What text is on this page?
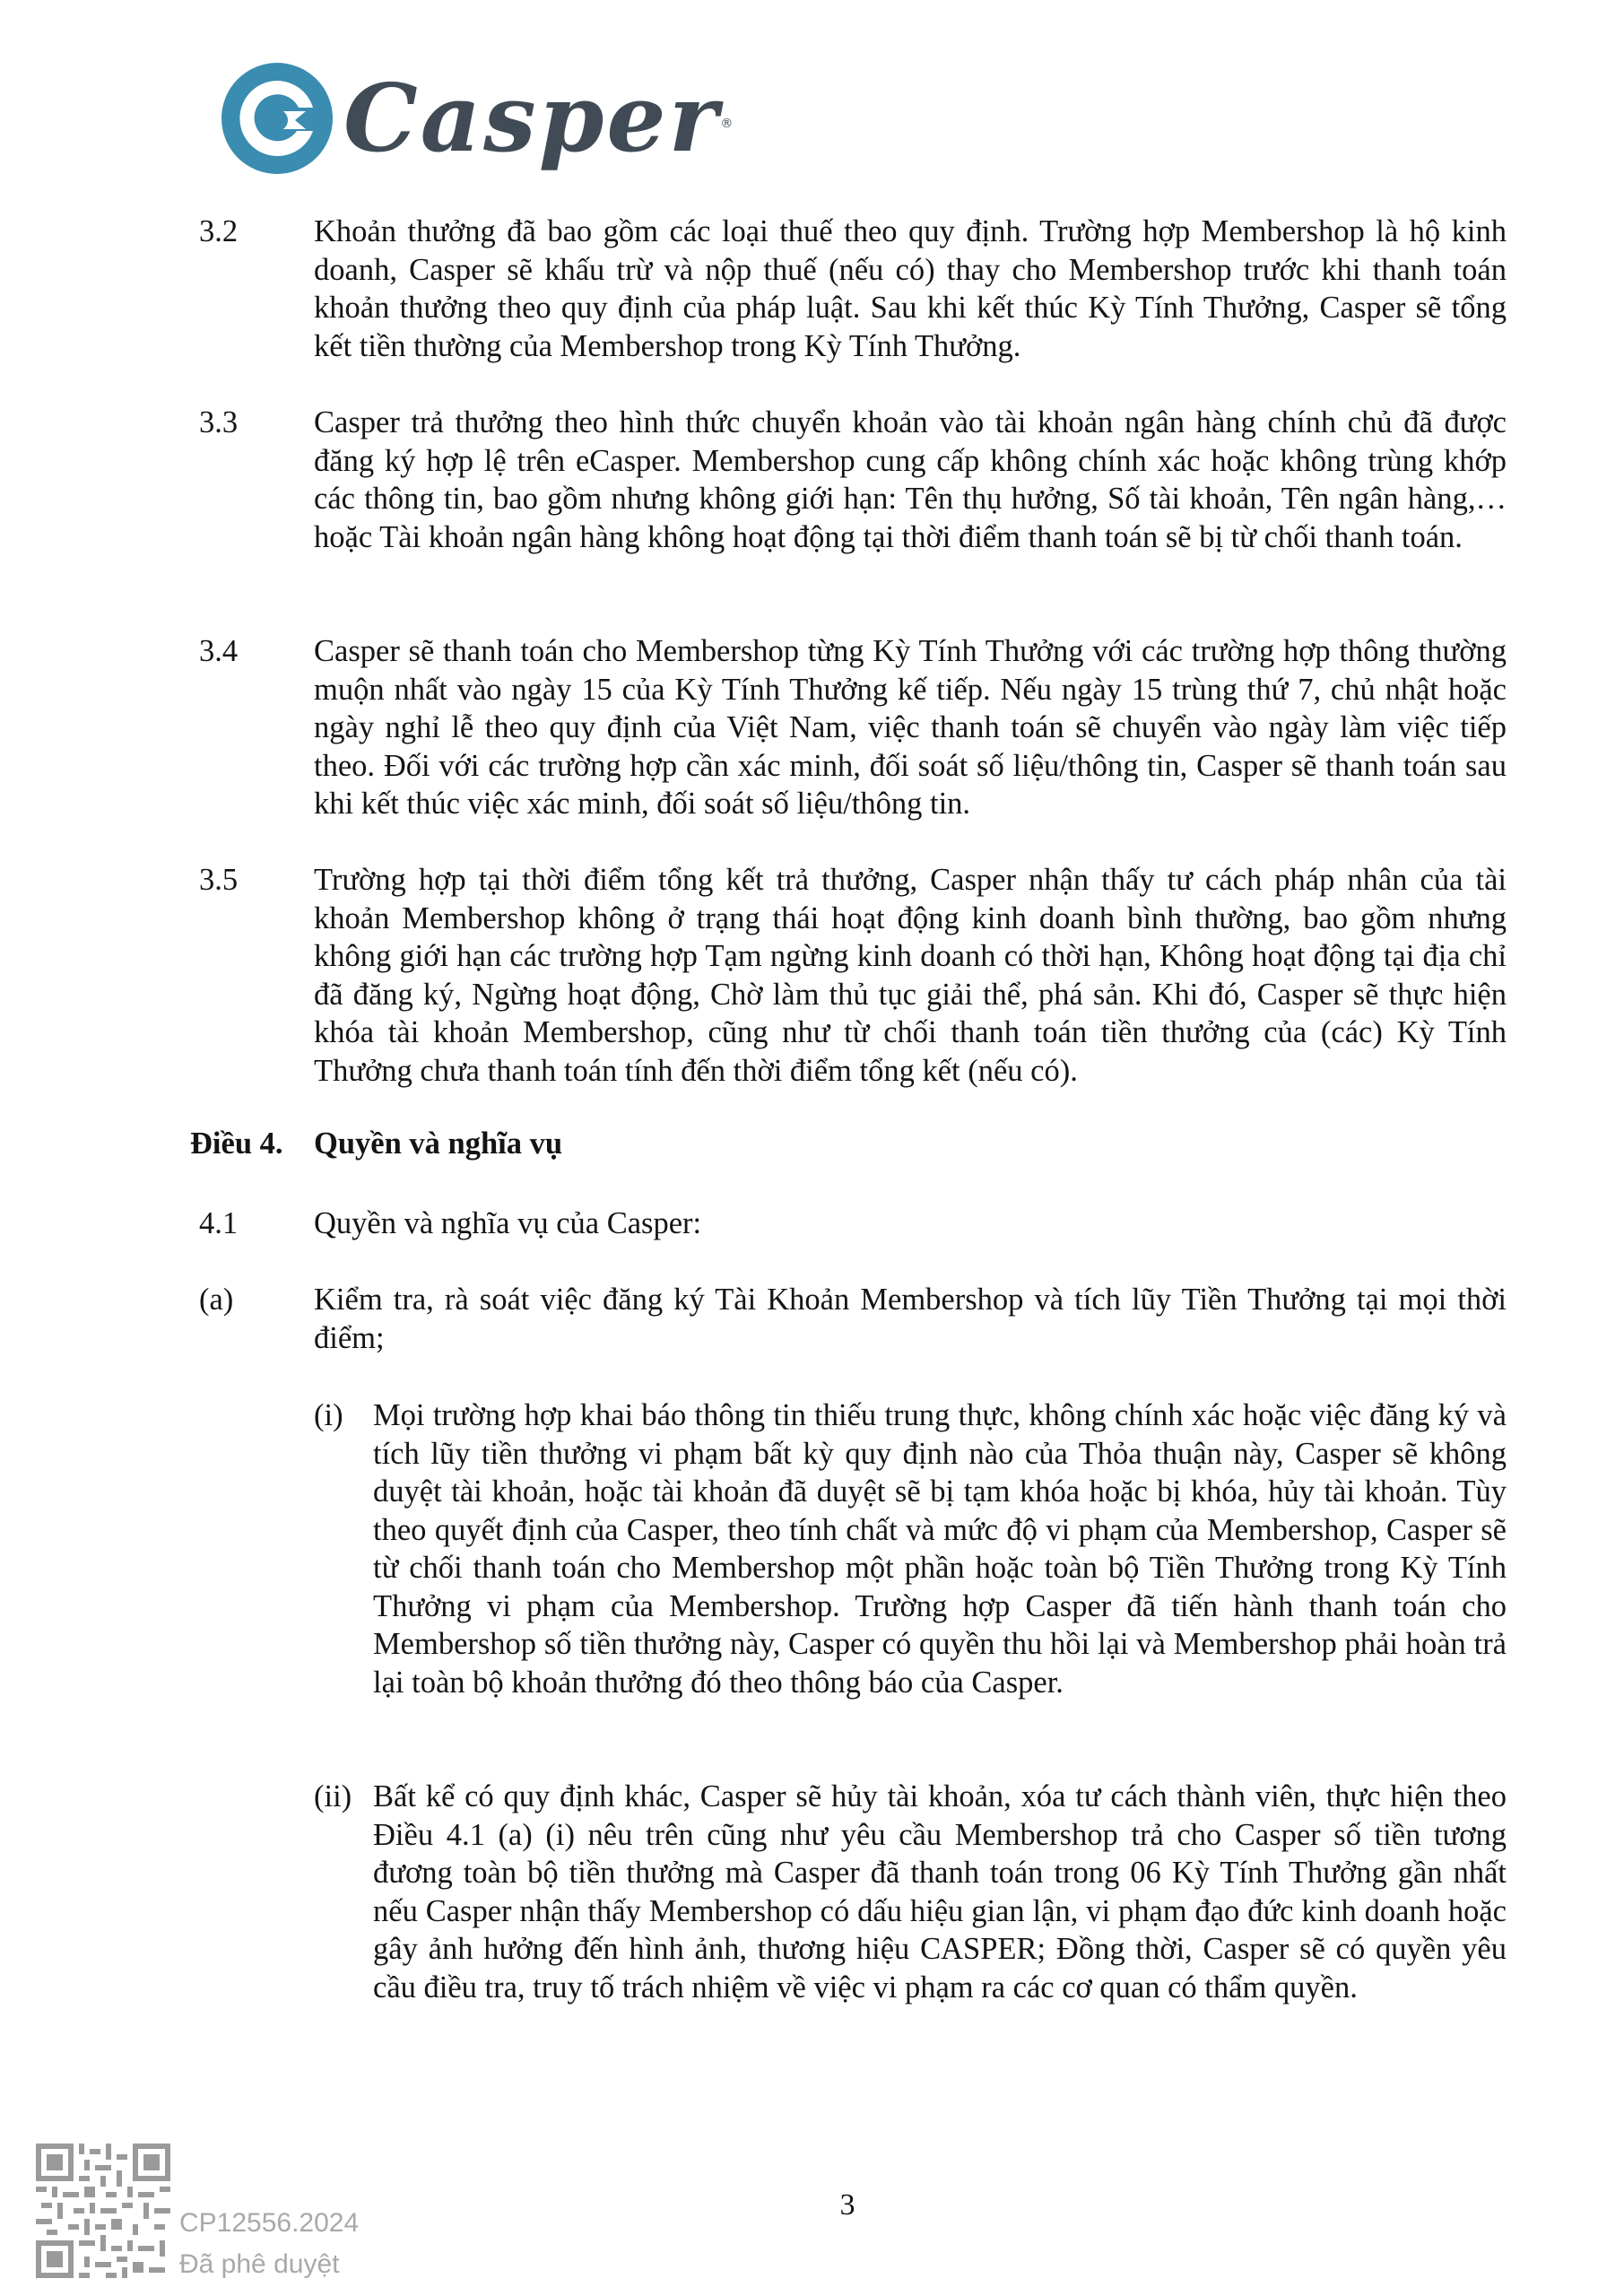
Casper ®
3.2 Khoản thưởng đã bao gồm các loại thuế theo quy định. Trường hợp Membershop là hộ kinh doanh, Casper sẽ khấu trừ và nộp thuế (nếu có) thay cho Membershop trước khi thanh toán khoản thưởng theo quy định của pháp luật. Sau khi kết thúc Kỳ Tính Thưởng, Casper sẽ tổng kết tiền thường của Membershop trong Kỳ Tính Thưởng.
3.3 Casper trả thưởng theo hình thức chuyển khoản vào tài khoản ngân hàng chính chủ đã được đăng ký hợp lệ trên eCasper. Membershop cung cấp không chính xác hoặc không trùng khớp các thông tin, bao gồm nhưng không giới hạn: Tên thụ hưởng, Số tài khoản, Tên ngân hàng,… hoặc Tài khoản ngân hàng không hoạt động tại thời điểm thanh toán sẽ bị từ chối thanh toán.
3.4 Casper sẽ thanh toán cho Membershop từng Kỳ Tính Thưởng với các trường hợp thông thường muộn nhất vào ngày 15 của Kỳ Tính Thưởng kế tiếp. Nếu ngày 15 trùng thứ 7, chủ nhật hoặc ngày nghỉ lễ theo quy định của Việt Nam, việc thanh toán sẽ chuyển vào ngày làm việc tiếp theo. Đối với các trường hợp cần xác minh, đối soát số liệu/thông tin, Casper sẽ thanh toán sau khi kết thúc việc xác minh, đối soát số liệu/thông tin.
3.5 Trường hợp tại thời điểm tổng kết trả thưởng, Casper nhận thấy tư cách pháp nhân của tài khoản Membershop không ở trạng thái hoạt động kinh doanh bình thường, bao gồm nhưng không giới hạn các trường hợp Tạm ngừng kinh doanh có thời hạn, Không hoạt động tại địa chỉ đã đăng ký, Ngừng hoạt động, Chờ làm thủ tục giải thể, phá sản. Khi đó, Casper sẽ thực hiện khóa tài khoản Membershop, cũng như từ chối thanh toán tiền thưởng của (các) Kỳ Tính Thưởng chưa thanh toán tính đến thời điểm tổng kết (nếu có).
Điều 4. Quyền và nghĩa vụ
4.1 Quyền và nghĩa vụ của Casper:
(a)	Kiểm tra, rà soát việc đăng ký Tài Khoản Membershop và tích lũy Tiền Thưởng tại mọi thời điểm;
(i) Mọi trường hợp khai báo thông tin thiếu trung thực, không chính xác hoặc việc đăng ký và tích lũy tiền thưởng vi phạm bất kỳ quy định nào của Thỏa thuận này, Casper sẽ không duyệt tài khoản, hoặc tài khoản đã duyệt sẽ bị tạm khóa hoặc bị khóa, hủy tài khoản. Tùy theo quyết định của Casper, theo tính chất và mức độ vi phạm của Membershop, Casper sẽ từ chối thanh toán cho Membershop một phần hoặc toàn bộ Tiền Thưởng trong Kỳ Tính Thưởng vi phạm của Membershop. Trường hợp Casper đã tiến hành thanh toán cho Membershop số tiền thưởng này, Casper có quyền thu hồi lại và Membershop phải hoàn trả lại toàn bộ khoản thưởng đó theo thông báo của Casper.
(ii) Bất kể có quy định khác, Casper sẽ hủy tài khoản, xóa tư cách thành viên, thực hiện theo Điều 4.1 (a) (i) nêu trên cũng như yêu cầu Membershop trả cho Casper số tiền tương đương toàn bộ tiền thưởng mà Casper đã thanh toán trong 06 Kỳ Tính Thưởng gần nhất nếu Casper nhận thấy Membershop có dấu hiệu gian lận, vi phạm đạo đức kinh doanh hoặc gây ảnh hưởng đến hình ảnh, thương hiệu CASPER; Đồng thời, Casper sẽ có quyền yêu cầu điều tra, truy tố trách nhiệm về việc vi phạm ra các cơ quan có thẩm quyền.
3
CP12556.2024
Đã phê duyệt
